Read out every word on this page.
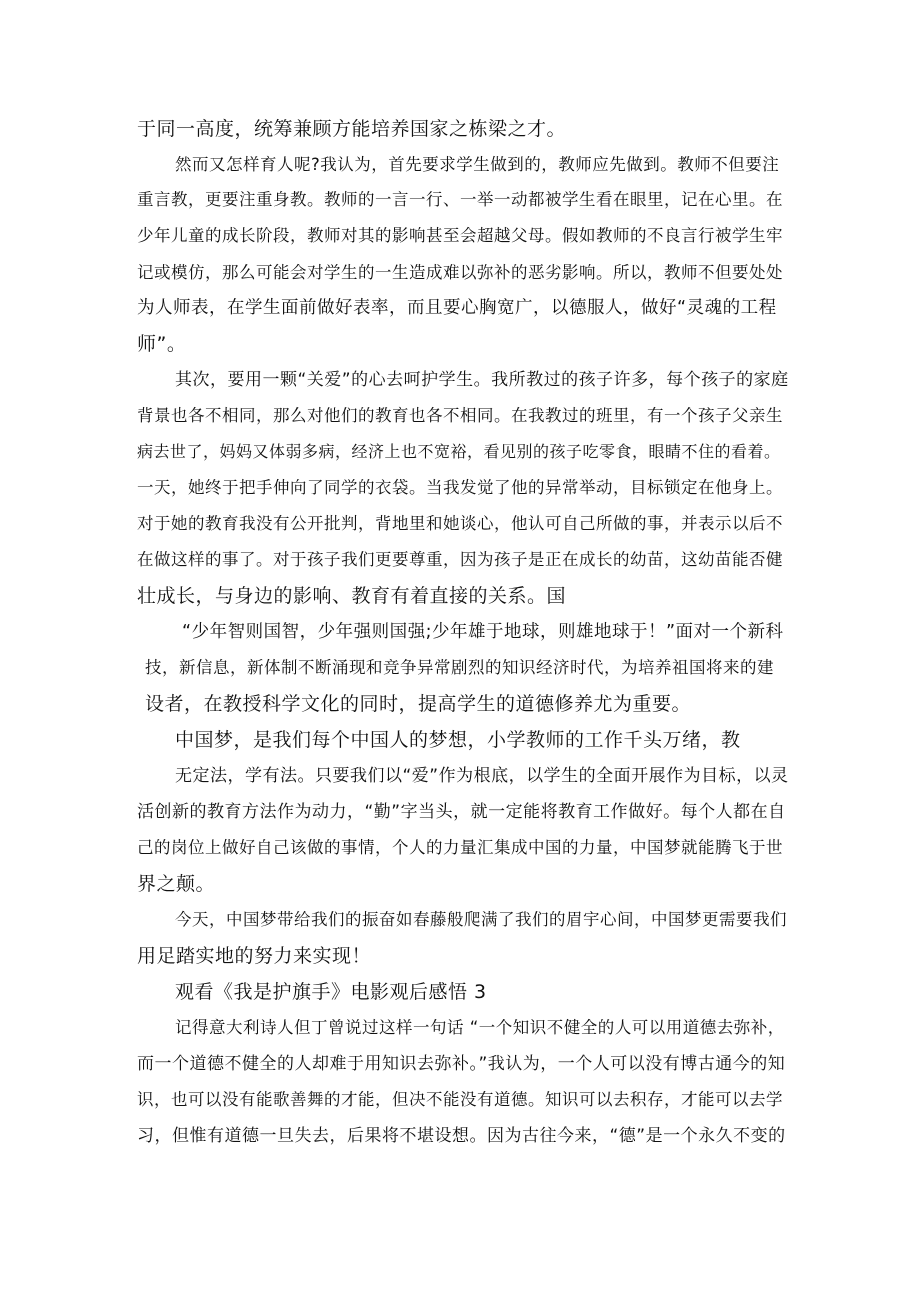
于同一高度，统筹兼顾方能培养国家之栋梁之才。
然而又怎样育人呢?我认为，首先要求学生做到的，教师应先做到。教师不但要注
重言教，更要注重身教。教师的一言一行、一举一动都被学生看在眼里，记在心里。在
少年儿童的成长阶段，教师对其的影响甚至会超越父母。假如教师的不良言行被学生牢
记或模仿，那么可能会对学生的一生造成难以弥补的恶劣影响。所以，教师不但要处处
为人师表，在学生面前做好表率，而且要心胸宽广，以德服人，做好“灵魂的工程
师”。
其次，要用一颗“关爱”的心去呵护学生。我所教过的孩子许多，每个孩子的家庭
背景也各不相同，那么对他们的教育也各不相同。在我教过的班里，有一个孩子父亲生
病去世了，妈妈又体弱多病，经济上也不宽裕，看见别的孩子吃零食，眼睛不住的看着。
一天，她终于把手伸向了同学的衣袋。当我发觉了他的异常举动，目标锁定在他身上。
对于她的教育我没有公开批判，背地里和她谈心，他认可自己所做的事，并表示以后不
在做这样的事了。对于孩子我们更要尊重，因为孩子是正在成长的幼苗，这幼苗能否健
壮成长，与身边的影响、教育有着直接的关系。国
“少年智则国智，少年强则国强;少年雄于地球，则雄地球于！”面对一个新科
技，新信息，新体制不断涌现和竞争异常剧烈的知识经济时代，为培养祖国将来的建
设者，在教授科学文化的同时，提高学生的道德修养尤为重要。
中国梦，是我们每个中国人的梦想，小学教师的工作千头万绪，教
无定法，学有法。只要我们以“爱”作为根底，以学生的全面开展作为目标，以灵
活创新的教育方法作为动力，“勤”字当头，就一定能将教育工作做好。每个人都在自
己的岗位上做好自己该做的事情，个人的力量汇集成中国的力量，中国梦就能腾飞于世
界之颠。
今天，中国梦带给我们的振奋如春藤般爬满了我们的眉宇心间，中国梦更需要我们
用足踏实地的努力来实现！
观看《我是护旗手》电影观后感悟 3
记得意大利诗人但丁曾说过这样一句话 “一个知识不健全的人可以用道德去弥补，
而一个道德不健全的人却难于用知识去弥补。”我认为，一个人可以没有博古通今的知
识，也可以没有能歌善舞的才能，但决不能没有道德。知识可以去积存，才能可以去学
习，但惟有道德一旦失去，后果将不堪设想。因为古往今来，“德”是一个永久不变的
